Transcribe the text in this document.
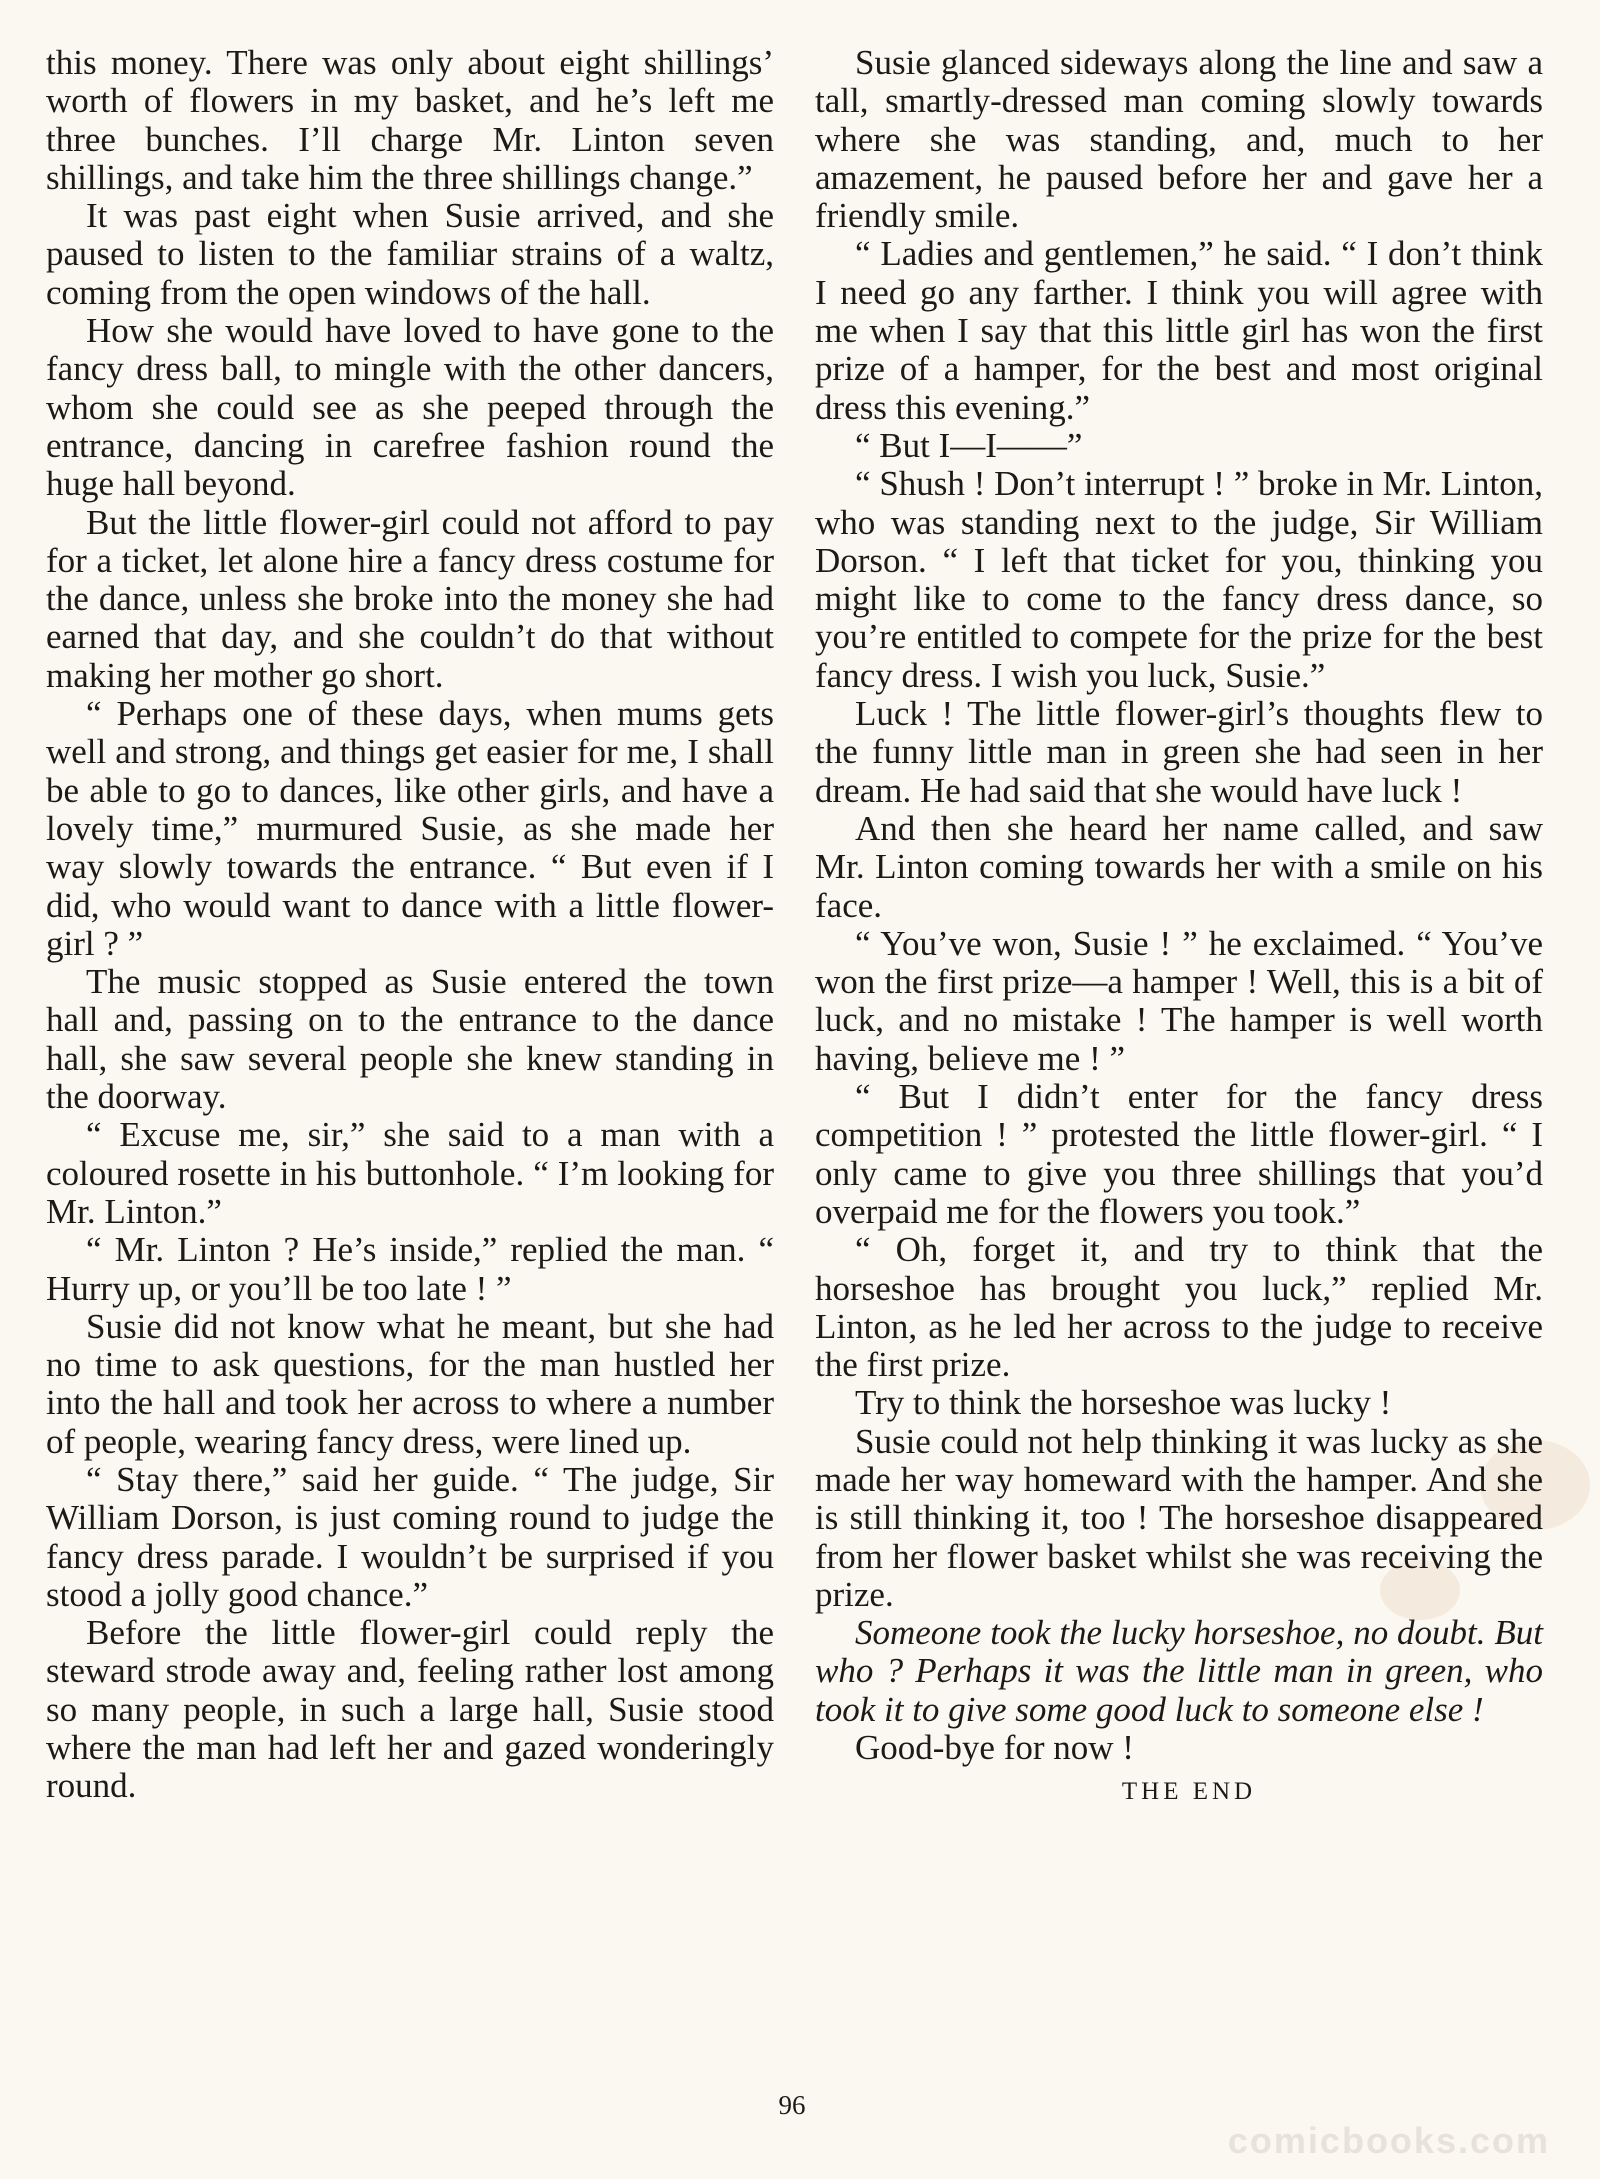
this money. There was only about eight shillings’ worth of flowers in my basket, and he’s left me three bunches. I’ll charge Mr. Linton seven shillings, and take him the three shillings change.”

It was past eight when Susie arrived, and she paused to listen to the familiar strains of a waltz, coming from the open windows of the hall.

How she would have loved to have gone to the fancy dress ball, to mingle with the other dancers, whom she could see as she peeped through the entrance, dancing in carefree fashion round the huge hall beyond.

But the little flower-girl could not afford to pay for a ticket, let alone hire a fancy dress costume for the dance, unless she broke into the money she had earned that day, and she couldn’t do that without making her mother go short.

“ Perhaps one of these days, when mums gets well and strong, and things get easier for me, I shall be able to go to dances, like other girls, and have a lovely time,” murmured Susie, as she made her way slowly towards the entrance. “ But even if I did, who would want to dance with a little flower-girl ? ”

The music stopped as Susie entered the town hall and, passing on to the entrance to the dance hall, she saw several people she knew standing in the doorway.

“ Excuse me, sir,” she said to a man with a coloured rosette in his buttonhole. “ I’m looking for Mr. Linton.”

“ Mr. Linton ? He’s inside,” replied the man. “ Hurry up, or you’ll be too late ! ”

Susie did not know what he meant, but she had no time to ask questions, for the man hustled her into the hall and took her across to where a number of people, wearing fancy dress, were lined up.

“ Stay there,” said her guide. “ The judge, Sir William Dorson, is just coming round to judge the fancy dress parade. I wouldn’t be surprised if you stood a jolly good chance.”

Before the little flower-girl could reply the steward strode away and, feeling rather lost among so many people, in such a large hall, Susie stood where the man had left her and gazed wonderingly round.

Susie glanced sideways along the line and saw a tall, smartly-dressed man coming slowly towards where she was standing, and, much to her amazement, he paused before her and gave her a friendly smile.

“ Ladies and gentlemen,” he said. “ I don’t think I need go any farther. I think you will agree with me when I say that this little girl has won the first prize of a hamper, for the best and most original dress this evening.”

“ But I—I——”

“ Shush ! Don’t interrupt ! ” broke in Mr. Linton, who was standing next to the judge, Sir William Dorson. “ I left that ticket for you, thinking you might like to come to the fancy dress dance, so you’re entitled to compete for the prize for the best fancy dress. I wish you luck, Susie.”

Luck ! The little flower-girl’s thoughts flew to the funny little man in green she had seen in her dream. He had said that she would have luck !

And then she heard her name called, and saw Mr. Linton coming towards her with a smile on his face.

“ You’ve won, Susie ! ” he exclaimed. “ You’ve won the first prize—a hamper ! Well, this is a bit of luck, and no mistake ! The hamper is well worth having, believe me ! ”

“ But I didn’t enter for the fancy dress competition ! ” protested the little flower-girl. “ I only came to give you three shillings that you’d overpaid me for the flowers you took.”

“ Oh, forget it, and try to think that the horseshoe has brought you luck,” replied Mr. Linton, as he led her across to the judge to receive the first prize.

Try to think the horseshoe was lucky !

Susie could not help thinking it was lucky as she made her way homeward with the hamper. And she is still thinking it, too ! The horseshoe disappeared from her flower basket whilst she was receiving the prize.

Someone took the lucky horseshoe, no doubt. But who ? Perhaps it was the little man in green, who took it to give some good luck to someone else !

Good-bye for now !

THE END
96
comicbooks.com
